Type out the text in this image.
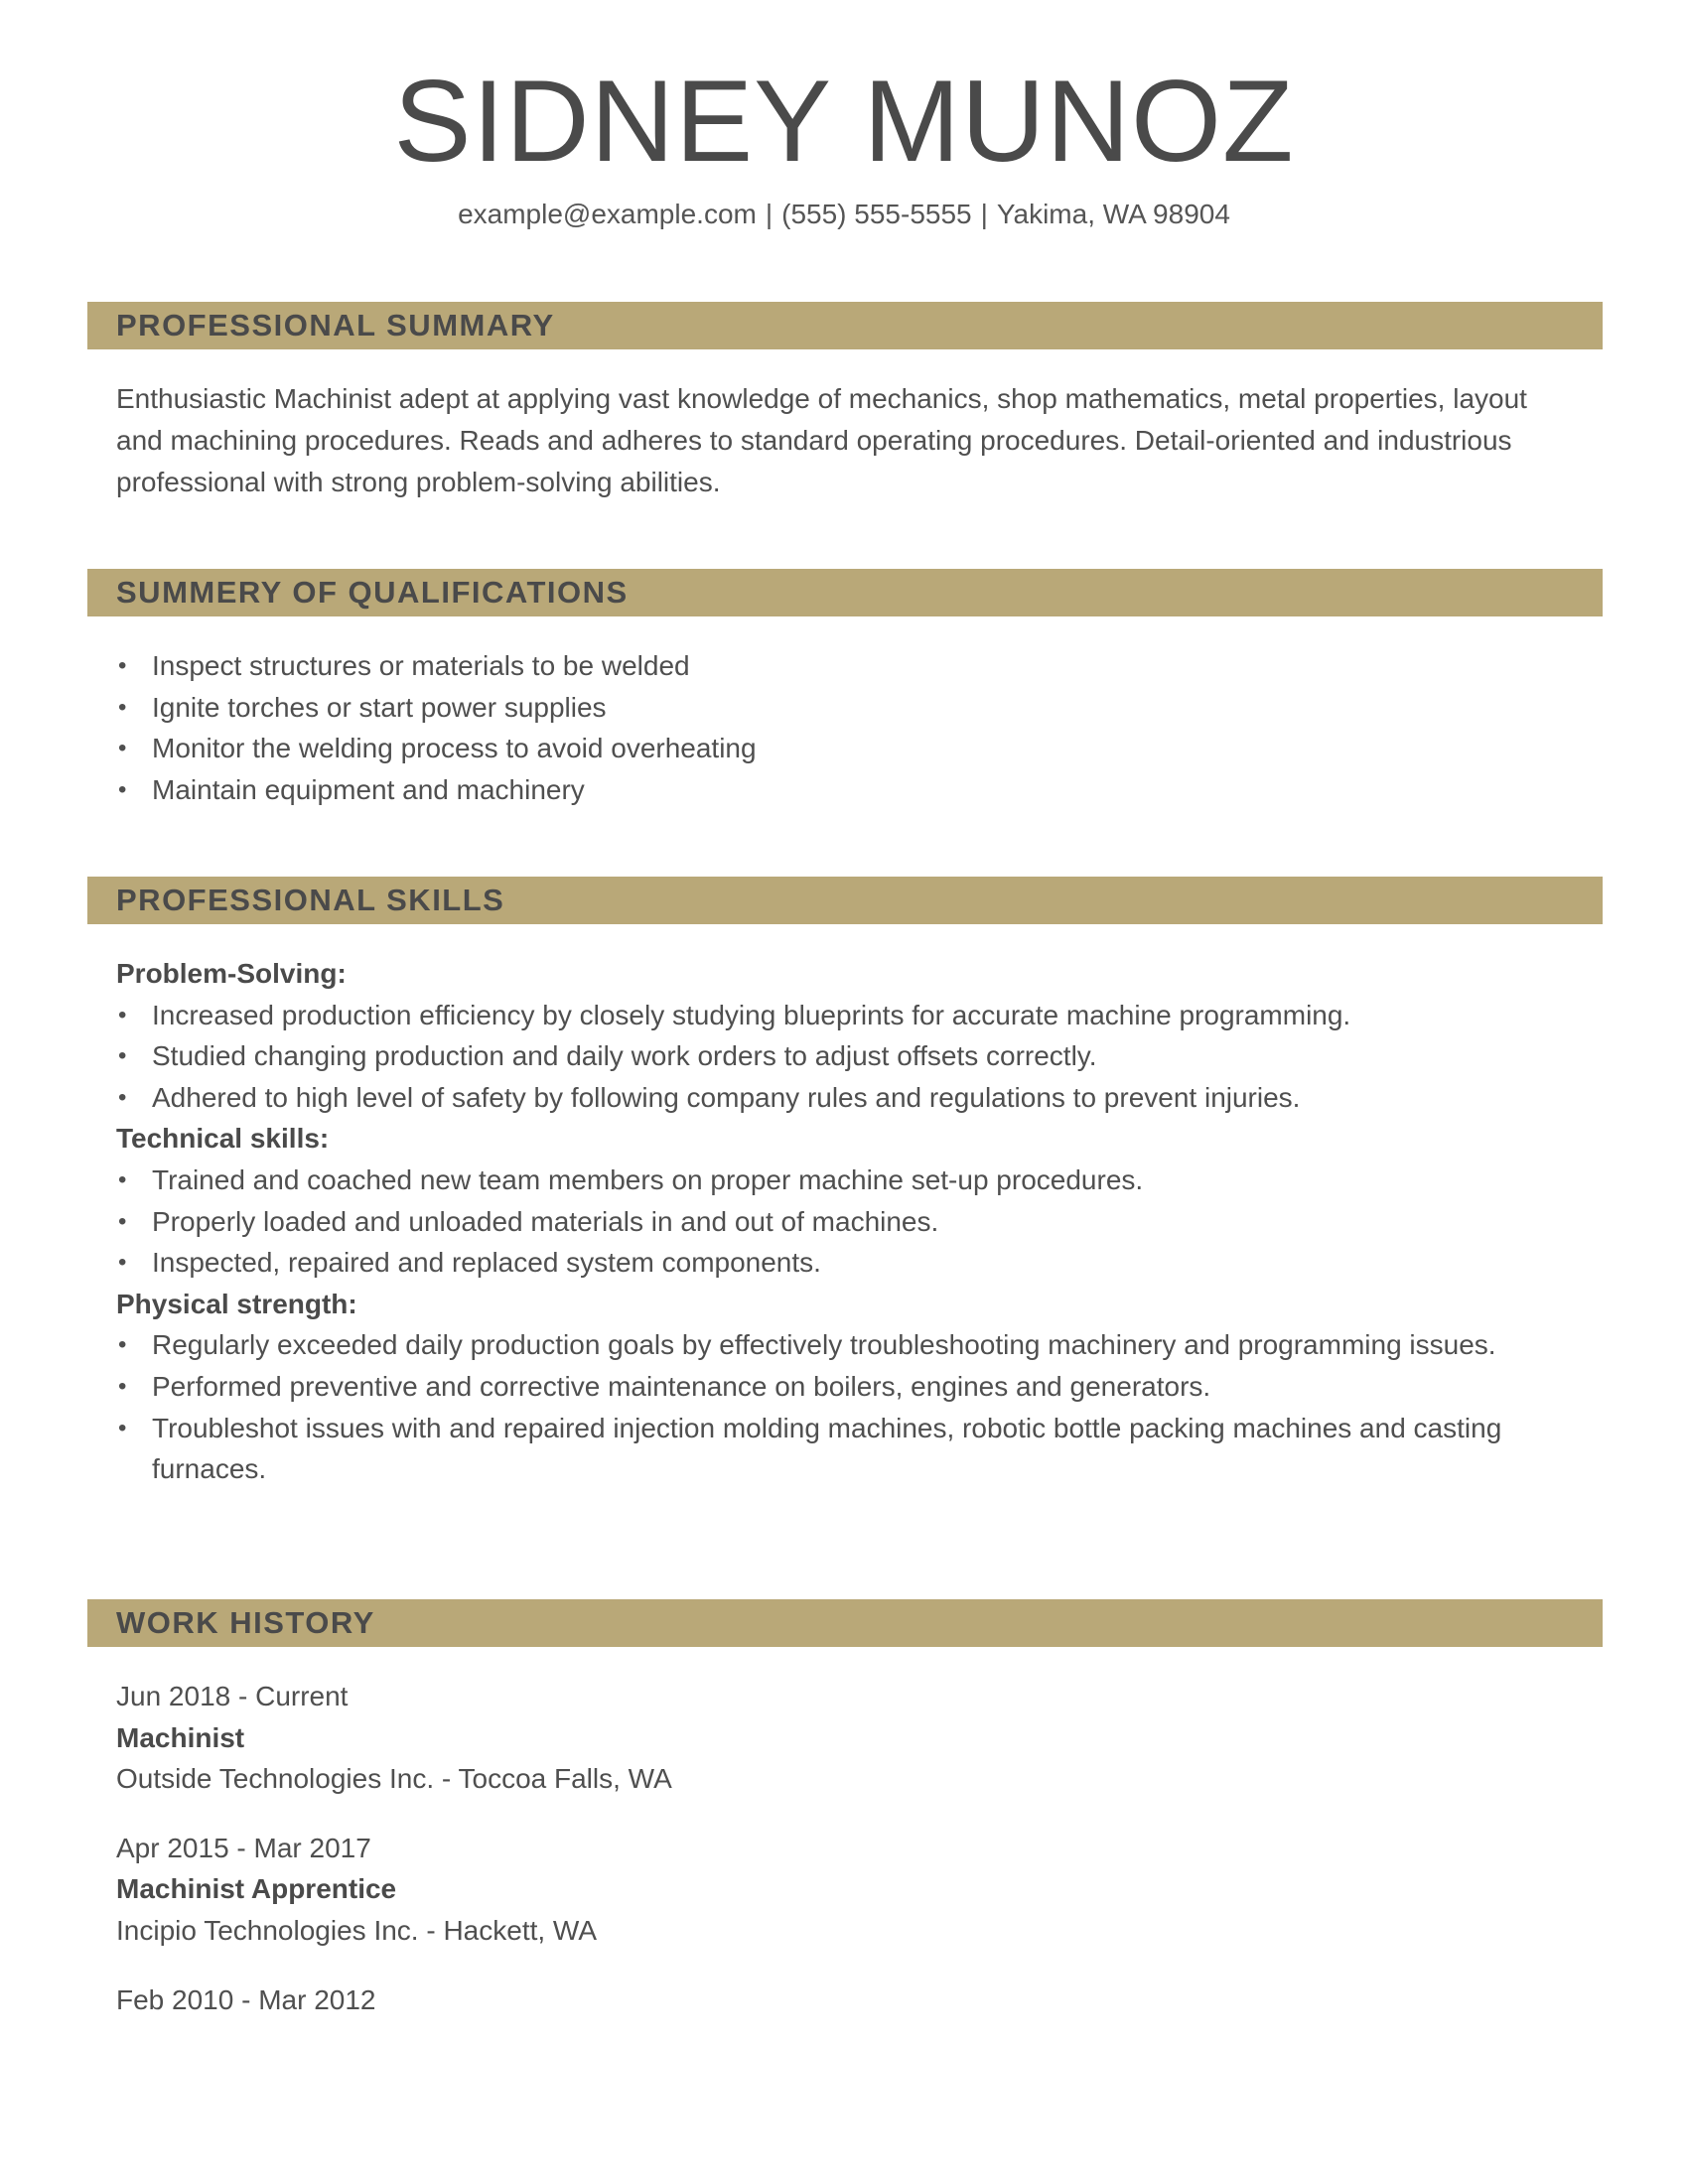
SIDNEY MUNOZ
example@example.com | (555) 555-5555 | Yakima, WA 98904
PROFESSIONAL SUMMARY
Enthusiastic Machinist adept at applying vast knowledge of mechanics, shop mathematics, metal properties, layout and machining procedures. Reads and adheres to standard operating procedures. Detail-oriented and industrious professional with strong problem-solving abilities.
SUMMERY OF QUALIFICATIONS
• Inspect structures or materials to be welded
• Ignite torches or start power supplies
• Monitor the welding process to avoid overheating
• Maintain equipment and machinery
PROFESSIONAL SKILLS
Problem-Solving:
• Increased production efficiency by closely studying blueprints for accurate machine programming.
• Studied changing production and daily work orders to adjust offsets correctly.
• Adhered to high level of safety by following company rules and regulations to prevent injuries.
Technical skills:
• Trained and coached new team members on proper machine set-up procedures.
• Properly loaded and unloaded materials in and out of machines.
• Inspected, repaired and replaced system components.
Physical strength:
• Regularly exceeded daily production goals by effectively troubleshooting machinery and programming issues.
• Performed preventive and corrective maintenance on boilers, engines and generators.
• Troubleshot issues with and repaired injection molding machines, robotic bottle packing machines and casting furnaces.
WORK HISTORY
Jun 2018 - Current
Machinist
Outside Technologies Inc. - Toccoa Falls, WA
Apr 2015 - Mar 2017
Machinist Apprentice
Incipio Technologies Inc. - Hackett, WA
Feb 2010 - Mar 2012
